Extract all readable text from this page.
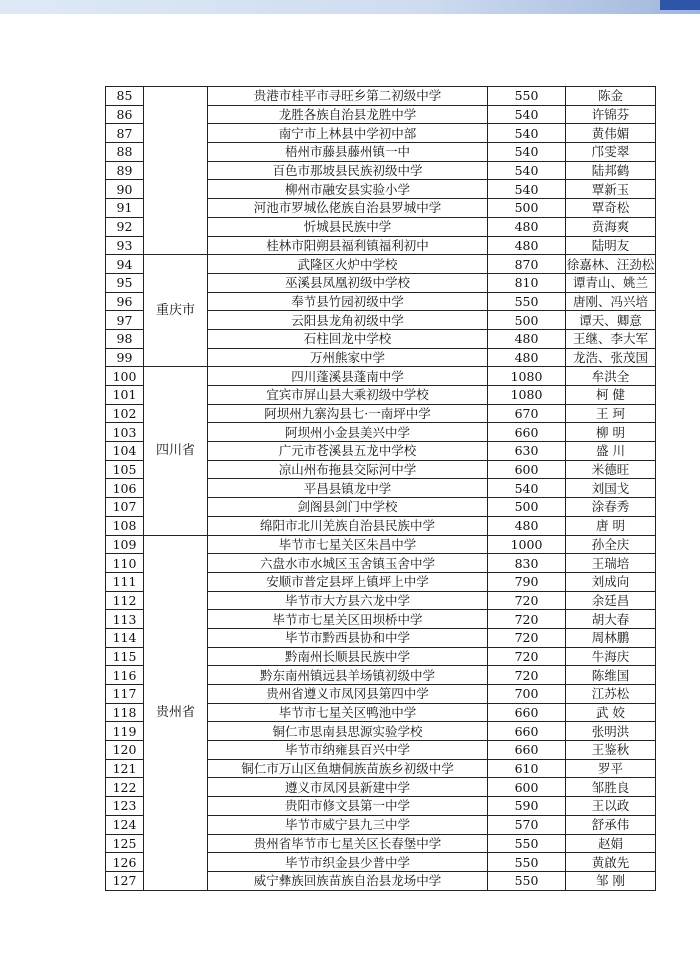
85		贵港市桂平市寻旺乡第二初级中学	550	陈金
86		龙胜各族自治县龙胜中学	540	许锦芬
87		南宁市上林县中学初中部	540	黄伟媚
88		梧州市藤县藤州镇一中	540	邝雯翠
89		百色市那坡县民族初级中学	540	陆邦鹤
90		柳州市融安县实验小学	540	覃新玉
91		河池市罗城仫佬族自治县罗城中学	500	覃奇松
92		忻城县民族中学	480	贲海爽
93		桂林市阳朔县福利镇福利初中	480	陆明友
94	重庆市	武隆区火炉中学校	870	徐嘉林、汪劲松
95		巫溪县凤凰初级中学校	810	谭青山、姚兰
96		奉节县竹园初级中学	550	唐刚、冯兴培
97		云阳县龙角初级中学	500	谭天、卿意
98		石柱回龙中学校	480	王继、李大军
99		万州熊家中学	480	龙浩、张茂国
100	四川省	四川蓬溪县蓬南中学	1080	牟洪全
101		宜宾市屏山县大乘初级中学校	1080	柯 健
102		阿坝州九寨沟县七·一南坪中学	670	王 珂
103		阿坝州小金县美兴中学	660	柳 明
104		广元市苍溪县五龙中学校	630	盛 川
105		凉山州布拖县交际河中学	600	米德旺
106		平昌县镇龙中学	540	刘国戈
107		剑阁县剑门中学校	500	涂春秀
108		绵阳市北川羌族自治县民族中学	480	唐 明
109	贵州省	毕节市七星关区朱昌中学	1000	孙全庆
110		六盘水市水城区玉舍镇玉舍中学	830	王瑞培
111		安顺市普定县坪上镇坪上中学	790	刘成向
112		毕节市大方县六龙中学	720	余廷昌
113		毕节市七星关区田坝桥中学	720	胡大春
114		毕节市黔西县协和中学	720	周林鹏
115		黔南州长顺县民族中学	720	牛海庆
116		黔东南州镇远县羊场镇初级中学	720	陈维国
117		贵州省遵义市凤冈县第四中学	700	江苏松
118		毕节市七星关区鸭池中学	660	武 姣
119		铜仁市思南县思源实验学校	660	张明洪
120		毕节市纳雍县百兴中学	660	王鉴秋
121		铜仁市万山区鱼塘侗族苗族乡初级中学	610	罗平
122		遵义市凤冈县新建中学	600	邹胜良
123		贵阳市修文县第一中学	590	王以政
124		毕节市威宁县九三中学	570	舒承伟
125		贵州省毕节市七星关区长春堡中学	550	赵娟
126		毕节市织金县少普中学	550	黄啟先
127		威宁彝族回族苗族自治县龙场中学	550	邹 刚
